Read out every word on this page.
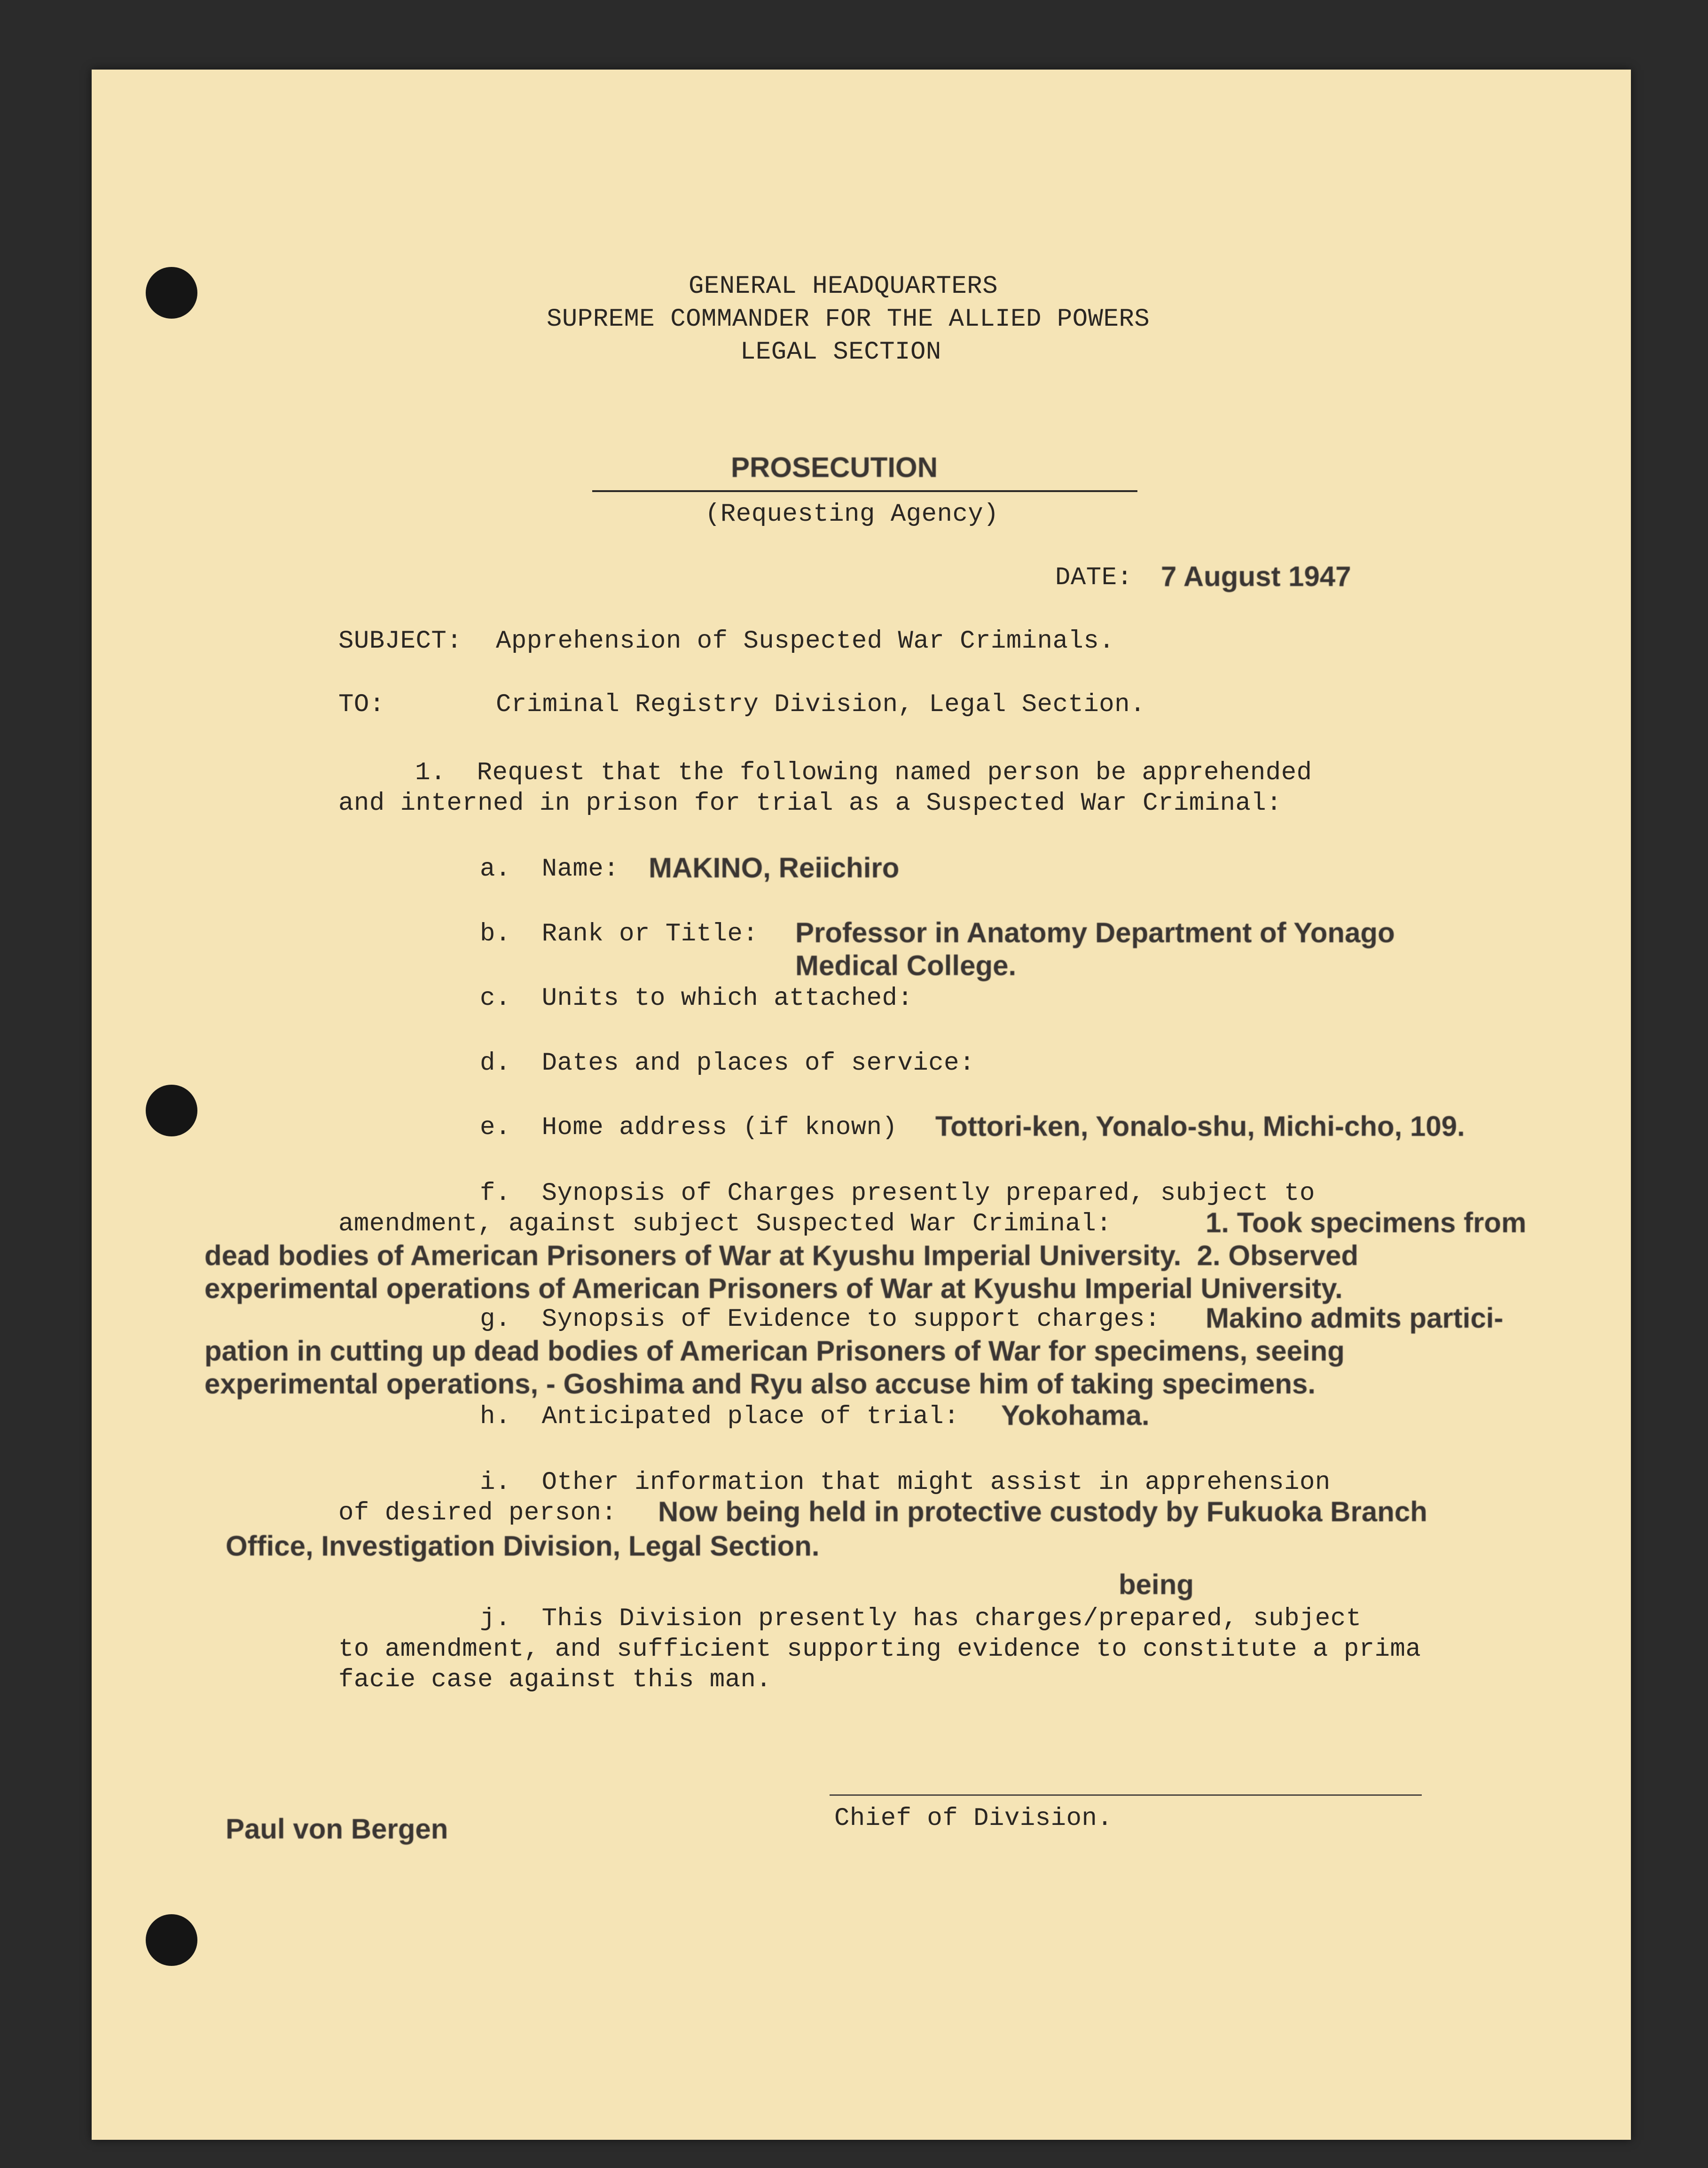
GENERAL HEADQUARTERS
SUPREME COMMANDER FOR THE ALLIED POWERS
LEGAL SECTION
PROSECUTION
(Requesting Agency)
DATE: 7 August 1947
SUBJECT: Apprehension of Suspected War Criminals.
TO:	Criminal Registry Division, Legal Section.
1.  Request that the following named person be apprehended
and interned in prison for trial as a Suspected War Criminal:
a.  Name: MAKINO, Reiichiro
b.  Rank or Title: Professor in Anatomy Department of Yonago
Medical College.
c.  Units to which attached:
d.  Dates and places of service:
e.  Home address (if known) Tottori-ken, Yonalo-shu, Michi-cho, 109.
f.  Synopsis of Charges presently prepared, subject to
amendment, against subject Suspected War Criminal:	1. Took specimens from
dead bodies of American Prisoners of War at Kyushu Imperial University.  2. Observed
experimental operations of American Prisoners of War at Kyushu Imperial University.
g.  Synopsis of Evidence to support charges: Makino admits partici-
pation in cutting up dead bodies of American Prisoners of War for specimens, seeing
experimental operations, - Goshima and Ryu also accuse him of taking specimens.
h.  Anticipated place of trial: Yokohama.
i.  Other information that might assist in apprehension
of desired person: Now being held in protective custody by Fukuoka Branch
Office, Investigation Division, Legal Section.
being
j.  This Division presently has charges/prepared, subject
to amendment, and sufficient supporting evidence to constitute a prima
facie case against this man.
Paul von Bergen	Chief of Division.
